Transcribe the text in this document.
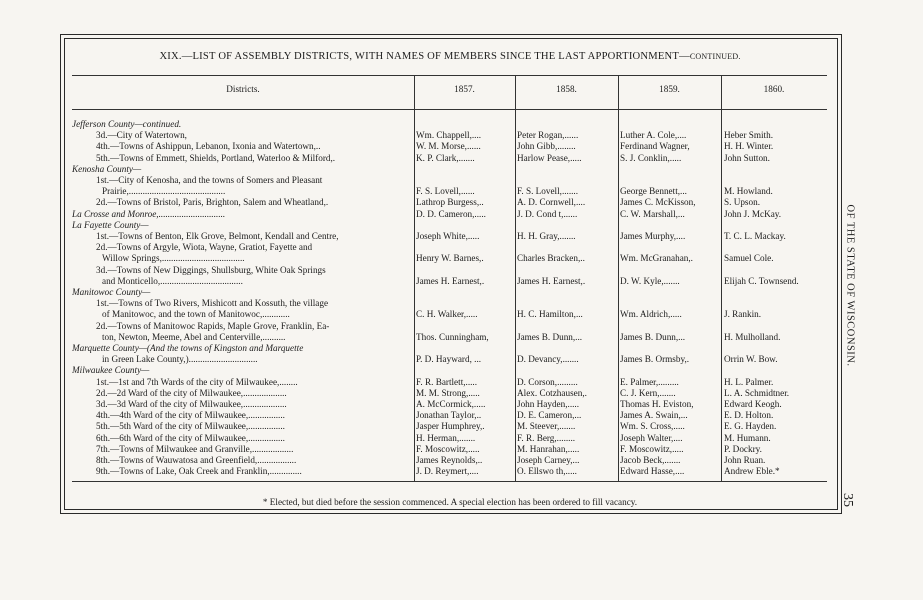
XIX.—LIST OF ASSEMBLY DISTRICTS, WITH NAMES OF MEMBERS SINCE THE LAST APPORTIONMENT—CONTINUED.
Districts.	1857.	1858.	1859.	1860.
Jefferson County—continued.
3d.—City of Watertown,	Wm. Chappell,....	Peter Rogan,......	Luther A. Cole,....	Heber Smith.
4th.—Towns of Ashippun, Lebanon, Ixonia and Watertown,..	W. M. Morse,......	John Gibb,........	Ferdinand Wagner,	H. H. Winter.
5th.—Towns of Emmett, Shields, Portland, Waterloo & Milford,.	K. P. Clark,.......	Harlow Pease,.....	S. J. Conklin,.....	John Sutton.
Kenosha County—
1st.—City of Kenosha, and the towns of Somers and Pleasant
Prairie,..........................................	F. S. Lovell,......	F. S. Lovell,.......	George Bennett,...	M. Howland.
2d.—Towns of Bristol, Paris, Brighton, Salem and Wheatland,.	Lathrop Burgess,..	A. D. Cornwell,....	James C. McKisson,	S. Upson.
La Crosse and Monroe,.............................	D. D. Cameron,.....	J. D. Cond t,......	C. W. Marshall,...	John J. McKay.
La Fayette County—
1st.—Towns of Benton, Elk Grove, Belmont, Kendall and Centre,	Joseph White,.....	H. H. Gray,.......	James Murphy,....	T. C. L. Mackay.
2d.—Towns of Argyle, Wiota, Wayne, Gratiot, Fayette and
Willow Springs,....................................	Henry W. Barnes,.	Charles Bracken,..	Wm. McGranahan,.	Samuel Cole.
3d.—Towns of New Diggings, Shullsburg, White Oak Springs
and Monticello,....................................	James H. Earnest,.	James H. Earnest,.	D. W. Kyle,.......	Elijah C. Townsend.
Manitowoc County—
1st.—Towns of Two Rivers, Mishicott and Kossuth, the village
of Manitowoc, and the town of Manitowoc,............	C. H. Walker,.....	H. C. Hamilton,...	Wm. Aldrich,.....	J. Rankin.
2d.—Towns of Manitowoc Rapids, Maple Grove, Franklin, Ea-
ton, Newton, Meeme, Abel and Centerville,..........	Thos. Cunningham,	James B. Dunn,...	James B. Dunn,...	H. Mulholland.
Marquette County—(And the towns of Kingston and Marquette
in Green Lake County,)..............................	P. D. Hayward, ...	D. Devancy,.......	James B. Ormsby,.	Orrin W. Bow.
Milwaukee County—
1st.—1st and 7th Wards of the city of Milwaukee,........	F. R. Bartlett,.....	D. Corson,.........	E. Palmer,.........	H. L. Palmer.
2d.—2d Ward of the city of Milwaukee,...................	M. M. Strong,.....	Alex. Cotzhausen,.	C. J. Kern,.......	L. A. Schmidtner.
3d.—3d Ward of the city of Milwaukee,...................	A. McCormick,.....	John Hayden,.....	Thomas H. Eviston,	Edward Keogh.
4th.—4th Ward of the city of Milwaukee,................	Jonathan Taylor,..	D. E. Cameron,...	James A. Swain,...	E. D. Holton.
5th.—5th Ward of the city of Milwaukee,................	Jasper Humphrey,.	M. Steever,.......	Wm. S. Cross,.....	E. G. Hayden.
6th.—6th Ward of the city of Milwaukee,................	H. Herman,.......	F. R. Berg,........	Joseph Walter,....	M. Humann.
7th.—Towns of Milwaukee and Granville,..................	F. Moscowitz,.....	M. Hanrahan,.....	F. Moscowitz,.....	P. Dockry.
8th.—Towns of Wauwatosa and Greenfield,.................	James Reynolds,..	Joseph Carney,...	Jacob Beck,.......	John Ruan.
9th.—Towns of Lake, Oak Creek and Franklin,..............	J. D. Reymert,....	O. Ellswo th,.....	Edward Hasse,....	Andrew Eble.*
* Elected, but died before the session commenced. A special election has been ordered to fill vacancy.
OF THE STATE OF WISCONSIN.
35
